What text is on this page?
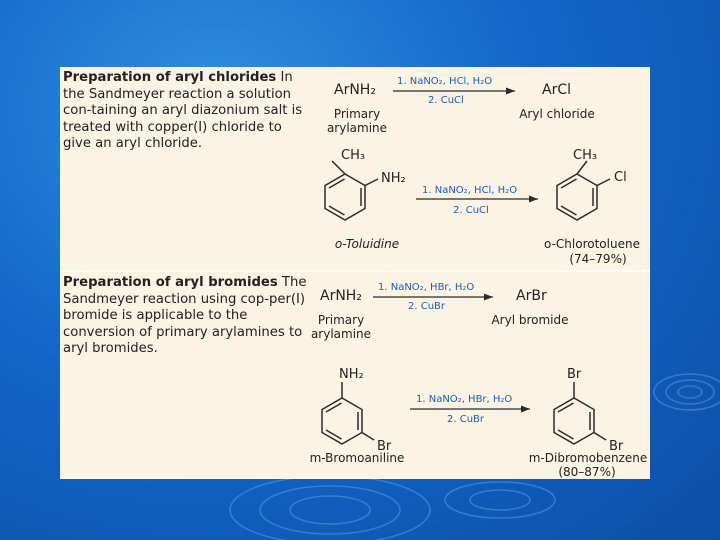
Preparation of aryl chlorides In the Sandmeyer reaction a solution con-taining an aryl diazonium salt is treated with copper(I) chloride to give an aryl chloride.
ArNH₂
Primary
arylamine
1. NaNO₂, HCl, H₂O
2. CuCl
ArCl
Aryl chloride
CH₃
NH₂
o-Toluidine
1. NaNO₂, HCl, H₂O
2. CuCl
CH₃
Cl
o-Chlorotoluene
(74–79%)
Preparation of aryl bromides The Sandmeyer reaction using cop-per(I) bromide is applicable to the conversion of primary arylamines to aryl bromides.
ArNH₂
Primary
arylamine
1. NaNO₂, HBr, H₂O
2. CuBr
ArBr
Aryl bromide
NH₂
Br
m-Bromoaniline
1. NaNO₂, HBr, H₂O
2. CuBr
Br
Br
m-Dibromobenzene
(80–87%)
